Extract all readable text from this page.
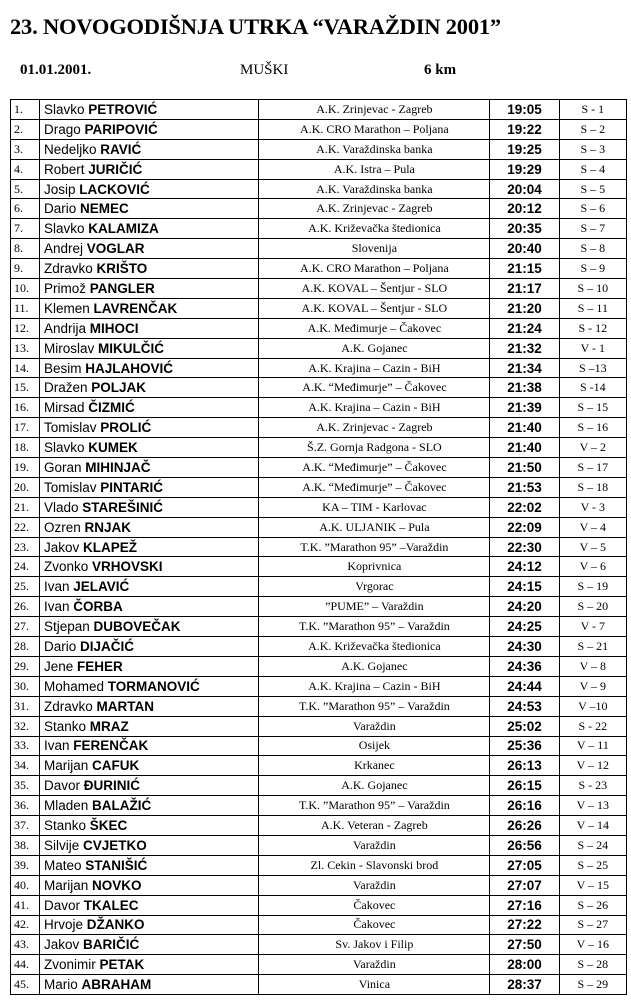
23. NOVOGODIŠNJA UTRKA “VARAŽDIN 2001”
01.01.2001.	MUŠKI	6 km
1.	Slavko PETROVIĆ	A.K. Zrinjevac - Zagreb	19:05	S - 1
2.	Drago PARIPOVIĆ	A.K. CRO Marathon – Poljana	19:22	S – 2
3.	Nedeljko RAVIĆ	A.K. Varaždinska banka	19:25	S – 3
4.	Robert JURIČIĆ	A.K. Istra – Pula	19:29	S – 4
5.	Josip LACKOVIĆ	A.K. Varaždinska banka	20:04	S – 5
6.	Dario NEMEC	A.K. Zrinjevac - Zagreb	20:12	S – 6
7.	Slavko KALAMIZA	A.K. Križevačka štedionica	20:35	S – 7
8.	Andrej VOGLAR	Slovenija	20:40	S – 8
9.	Zdravko KRIŠTO	A.K. CRO Marathon – Poljana	21:15	S – 9
10.	Primož PANGLER	A.K. KOVAL – Šentjur - SLO	21:17	S – 10
11.	Klemen LAVRENČAK	A.K. KOVAL – Šentjur - SLO	21:20	S – 11
12.	Andrija MIHOCI	A.K. Međimurje – Čakovec	21:24	S - 12
13.	Miroslav MIKULČIĆ	A.K. Gojanec	21:32	V - 1
14.	Besim HAJLAHOVIĆ	A.K. Krajina – Cazin - BiH	21:34	S –13
15.	Dražen POLJAK	A.K. “Međimurje” – Čakovec	21:38	S -14
16.	Mirsad ČIZMIĆ	A.K. Krajina – Cazin - BiH	21:39	S – 15
17.	Tomislav PROLIĆ	A.K. Zrinjevac - Zagreb	21:40	S – 16
18.	Slavko KUMEK	Š.Z. Gornja Radgona - SLO	21:40	V – 2
19.	Goran MIHINJAČ	A.K. “Međimurje” – Čakovec	21:50	S – 17
20.	Tomislav PINTARIĆ	A.K. “Međimurje” – Čakovec	21:53	S – 18
21.	Vlado STAREŠINIĆ	KA – TIM - Karlovac	22:02	V - 3
22.	Ozren RNJAK	A.K. ULJANIK – Pula	22:09	V – 4
23.	Jakov KLAPEŽ	T.K. ”Marathon 95” –Varaždin	22:30	V – 5
24.	Zvonko VRHOVSKI	Koprivnica	24:12	V – 6
25.	Ivan JELAVIĆ	Vrgorac	24:15	S – 19
26.	Ivan ČORBA	”PUME” – Varaždin	24:20	S – 20
27.	Stjepan DUBOVEČAK	T.K. ”Marathon 95” – Varaždin	24:25	V - 7
28.	Dario DIJAČIĆ	A.K. Križevačka štedionica	24:30	S – 21
29.	Jene FEHER	A.K. Gojanec	24:36	V – 8
30.	Mohamed TORMANOVIĆ	A.K. Krajina – Cazin - BiH	24:44	V – 9
31.	Zdravko MARTAN	T.K. ”Marathon 95” – Varaždin	24:53	V –10
32.	Stanko MRAZ	Varaždin	25:02	S - 22
33.	Ivan FERENČAK	Osijek	25:36	V – 11
34.	Marijan CAFUK	Krkanec	26:13	V – 12
35.	Davor ĐURINIĆ	A.K. Gojanec	26:15	S - 23
36.	Mladen BALAŽIĆ	T.K. ”Marathon 95” – Varaždin	26:16	V – 13
37.	Stanko ŠKEC	A.K. Veteran - Zagreb	26:26	V – 14
38.	Silvije CVJETKO	Varaždin	26:56	S – 24
39.	Mateo STANIŠIĆ	Zl. Cekin - Slavonski brod	27:05	S – 25
40.	Marijan NOVKO	Varaždin	27:07	V – 15
41.	Davor TKALEC	Čakovec	27:16	S – 26
42.	Hrvoje DŽANKO	Čakovec	27:22	S – 27
43.	Jakov BARIČIĆ	Sv. Jakov i Filip	27:50	V – 16
44.	Zvonimir PETAK	Varaždin	28:00	S – 28
45.	Mario ABRAHAM	Vinica	28:37	S – 29
